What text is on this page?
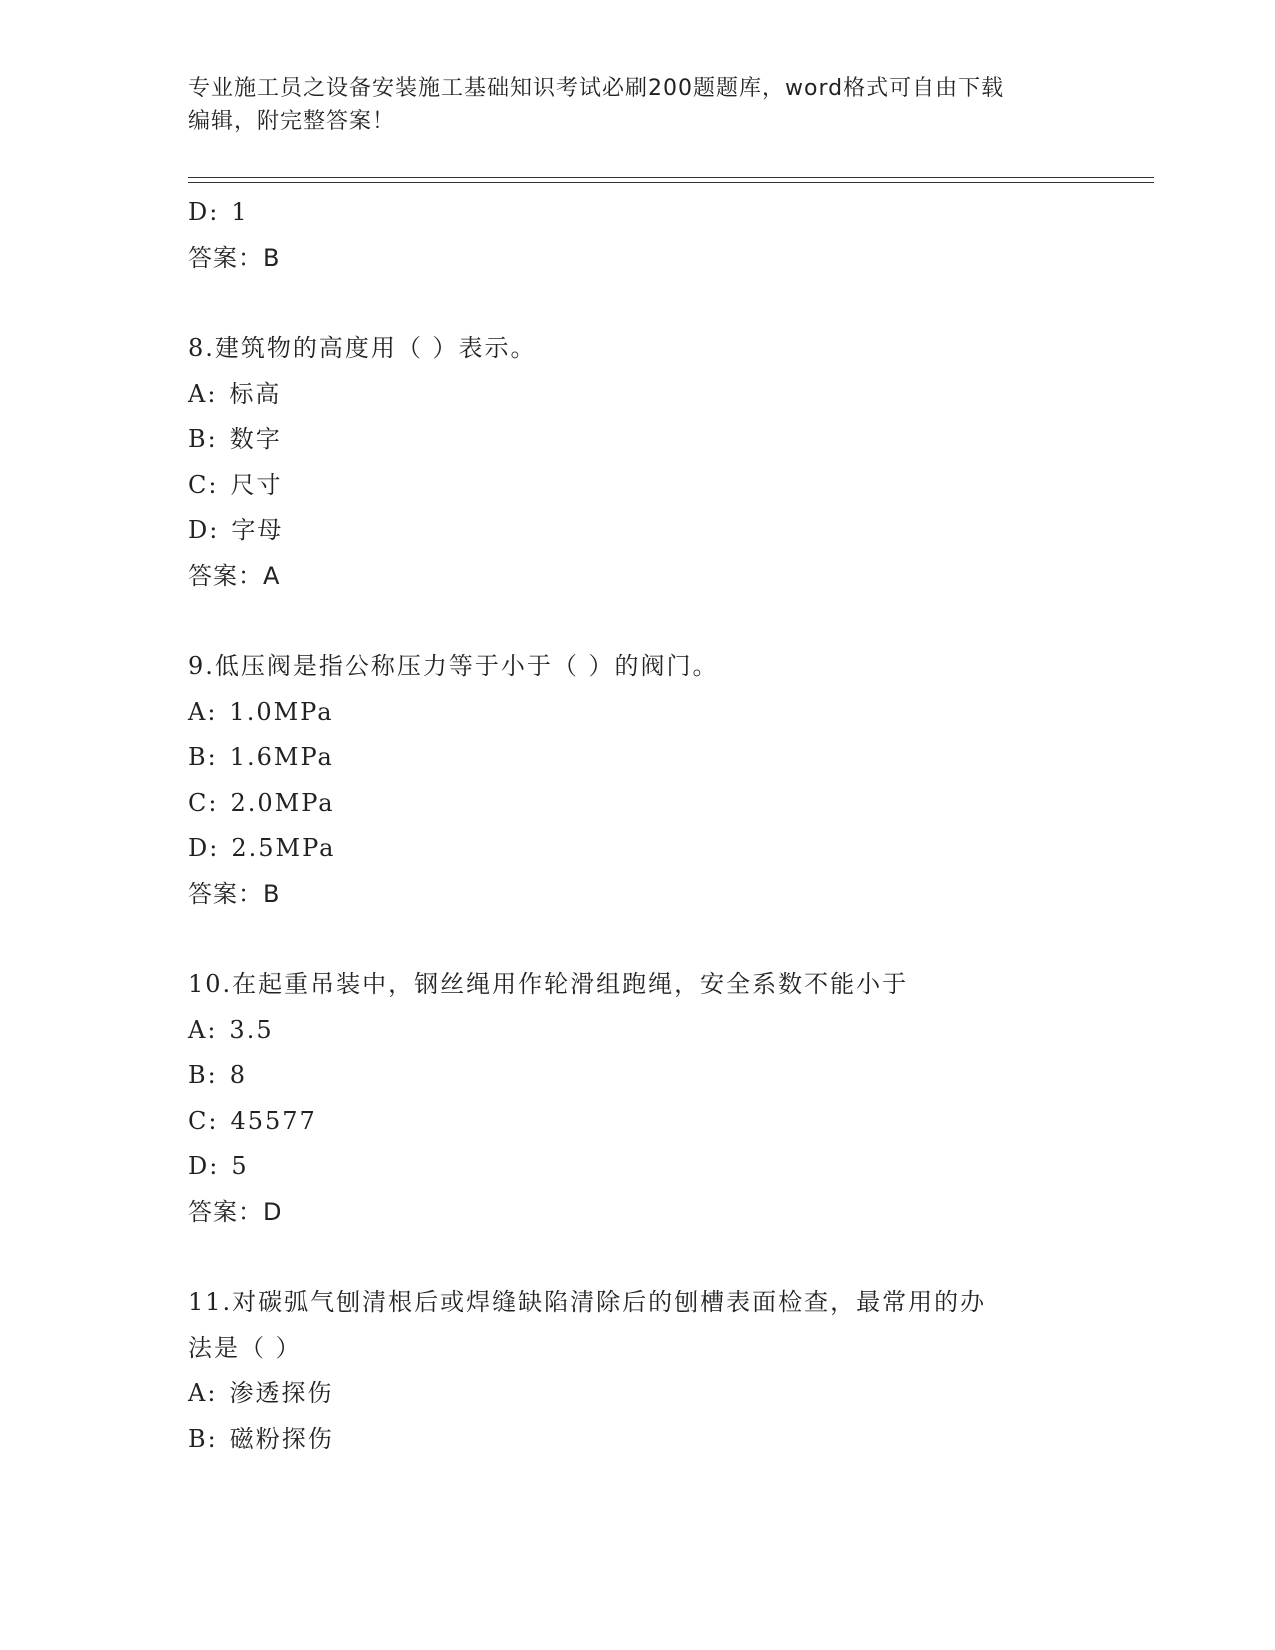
专业施工员之设备安装施工基础知识考试必刷200题题库，word格式可自由下载
编辑，附完整答案！
D: 1
答案：B
8.建筑物的高度用（ ）表示。
A: 标高
B: 数字
C: 尺寸
D: 字母
答案：A
9.低压阀是指公称压力等于小于（ ）的阀门。
A: 1.0MPa
B: 1.6MPa
C: 2.0MPa
D: 2.5MPa
答案：B
10.在起重吊装中，钢丝绳用作轮滑组跑绳，安全系数不能小于
A: 3.5
B: 8
C: 45577
D: 5
答案：D
11.对碳弧气刨清根后或焊缝缺陷清除后的刨槽表面检查，最常用的办
法是（ ）
A: 渗透探伤
B: 磁粉探伤
